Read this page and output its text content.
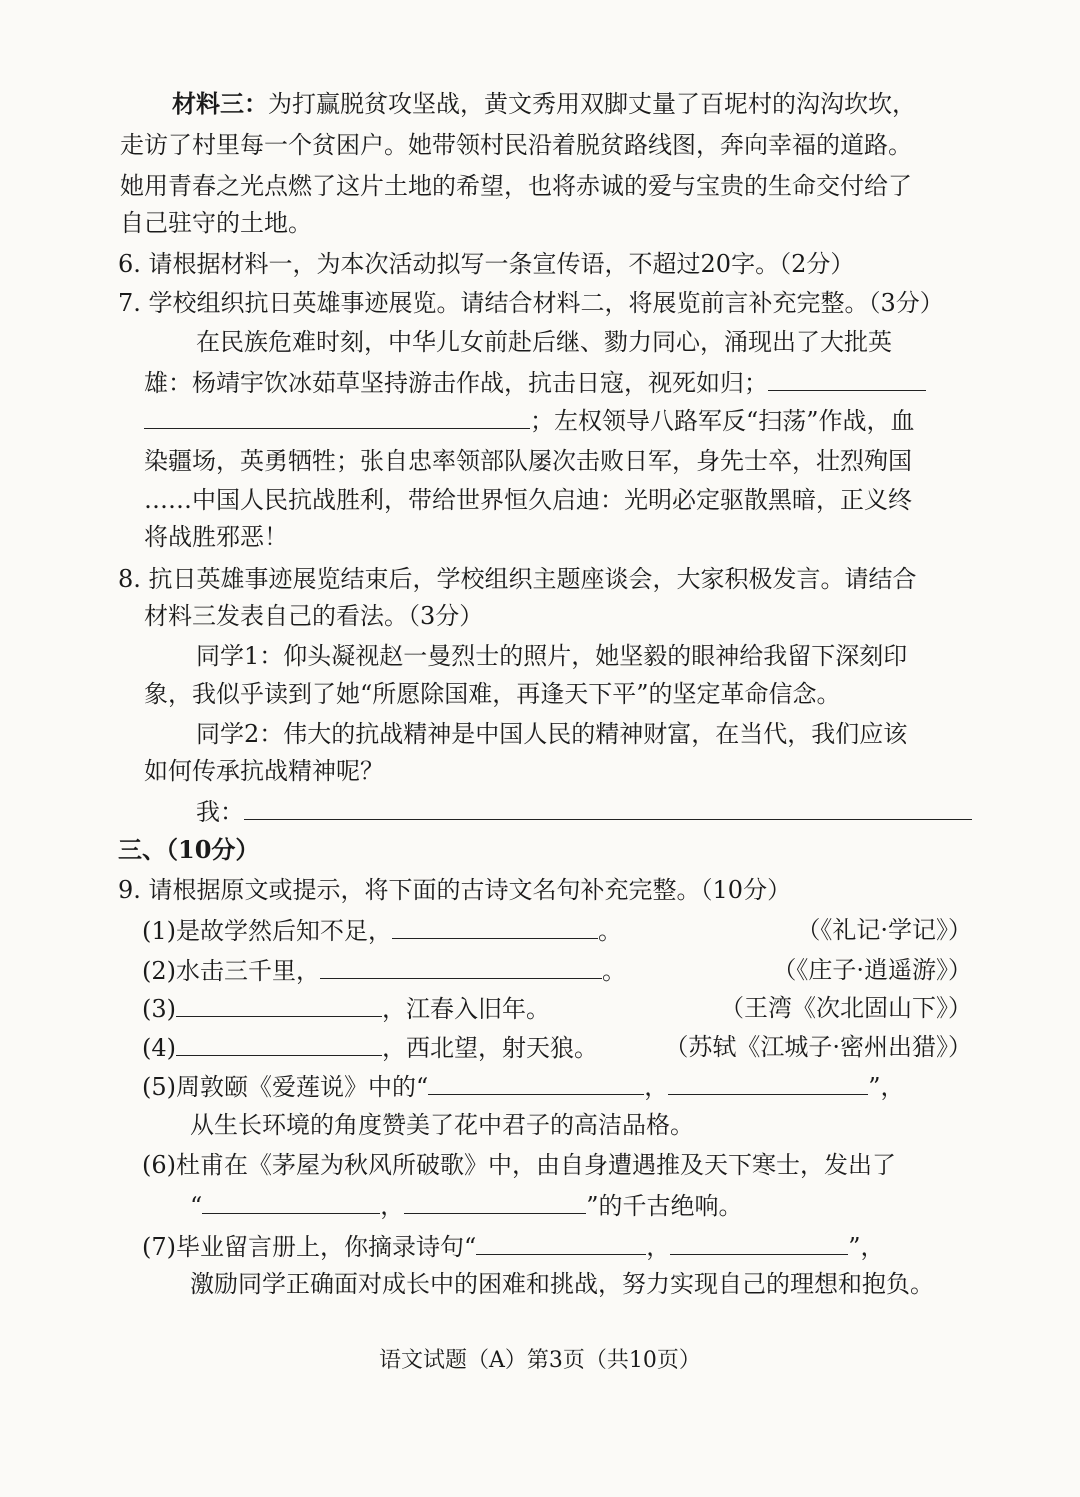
材料三：为打赢脱贫攻坚战，黄文秀用双脚丈量了百坭村的沟沟坎坎，
走访了村里每一个贫困户。她带领村民沿着脱贫路线图，奔向幸福的道路。
她用青春之光点燃了这片土地的希望，也将赤诚的爱与宝贵的生命交付给了
自己驻守的土地。
6. 请根据材料一，为本次活动拟写一条宣传语，不超过20字。（2分）
7. 学校组织抗日英雄事迹展览。请结合材料二，将展览前言补充完整。（3分）
在民族危难时刻，中华儿女前赴后继、勠力同心，涌现出了大批英
雄：杨靖宇饮冰茹草坚持游击作战，抗击日寇，视死如归；
；左权领导八路军反“扫荡”作战，血
染疆场，英勇牺牲；张自忠率领部队屡次击败日军，身先士卒，壮烈殉国
……中国人民抗战胜利，带给世界恒久启迪：光明必定驱散黑暗，正义终
将战胜邪恶！
8. 抗日英雄事迹展览结束后，学校组织主题座谈会，大家积极发言。请结合
材料三发表自己的看法。（3分）
同学1：仰头凝视赵一曼烈士的照片，她坚毅的眼神给我留下深刻印
象，我似乎读到了她“所愿除国难，再逢天下平”的坚定革命信念。
同学2：伟大的抗战精神是中国人民的精神财富，在当代，我们应该
如何传承抗战精神呢？
我：
三、（10分）
9. 请根据原文或提示，将下面的古诗文名句补充完整。（10分）
(1)是故学然后知不足，	。	（《礼记·学记》）
(2)水击三千里，	。	（《庄子·逍遥游》）
(3)	，江春入旧年。	（王湾《次北固山下》）
(4)	，西北望，射天狼。	（苏轼《江城子·密州出猎》）
(5)周敦颐《爱莲说》中的“	，	”，
从生长环境的角度赞美了花中君子的高洁品格。
(6)杜甫在《茅屋为秋风所破歌》中，由自身遭遇推及天下寒士，发出了
“	，	”的千古绝响。
(7)毕业留言册上，你摘录诗句“	，	”，
激励同学正确面对成长中的困难和挑战，努力实现自己的理想和抱负。
语文试题（A）第3页（共10页）
